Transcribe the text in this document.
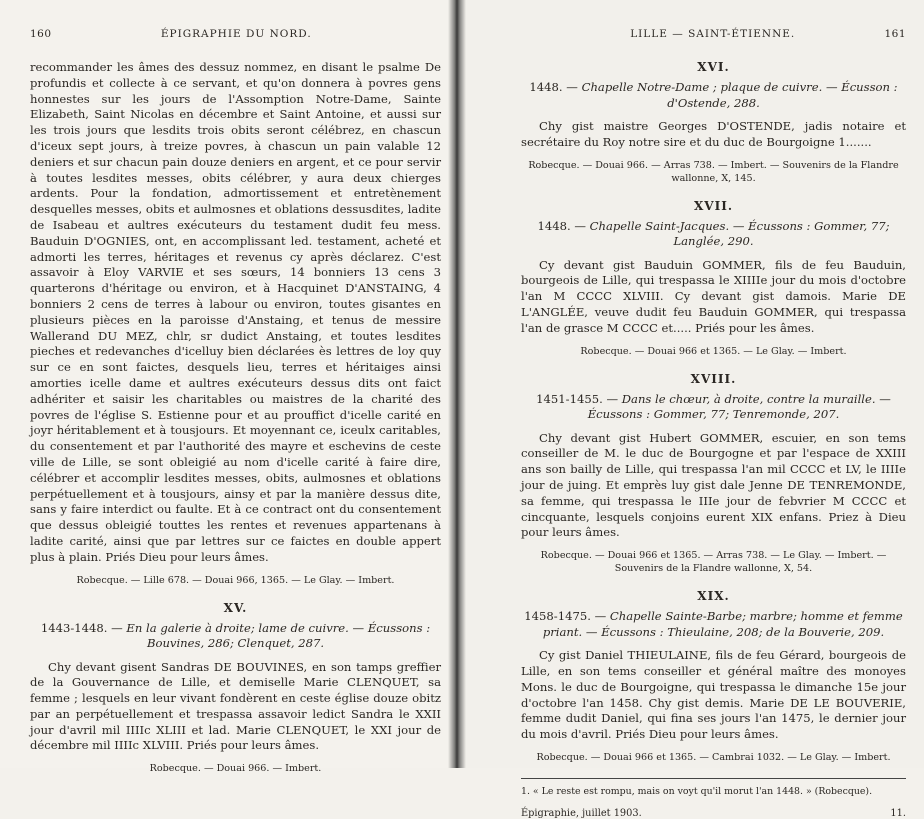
160	ÉPIGRAPHIE DU NORD.

recommander les âmes des dessuz nommez, en disant le psalme De profundis et collecte à ce servant, et qu'on donnera à povres gens honnestes sur les jours de l'Assomption Notre-Dame, Sainte Elizabeth, Saint Nicolas en décembre et Saint Antoine, et aussi sur les trois jours que lesdits trois obits seront célébrez, en chascun d'iceux sept jours, à treize povres, à chascun un pain valable 12 deniers et sur chacun pain douze deniers en argent, et ce pour servir à toutes lesdites messes, obits célébrer, y aura deux chierges ardents. Pour la fondation, admortissement et entretènement desquelles messes, obits et aulmosnes et oblations dessusdites, ladite de Isabeau et aultres exécuteurs du testament dudit feu mess. Bauduin D'OGNIES, ont, en accomplissant led. testament, acheté et admorti les terres, héritages et revenus cy après déclarez. C'est assavoir à Eloy VARVIE et ses sœurs, 14 bonniers 13 cens 3 quarterons d'héritage ou environ, et à Hacquinet D'ANSTAING, 4 bonniers 2 cens de terres à labour ou environ, toutes gisantes en plusieurs pièces en la paroisse d'Anstaing, et tenus de messire Wallerand DU MEZ, chlr, sr dudict Anstaing, et toutes lesdites pieches et redevanches d'icelluy bien déclarées ès lettres de loy quy sur ce en sont faictes, desquels lieu, terres et héritaiges ainsi amorties icelle dame et aultres exécuteurs dessus dits ont faict adhériter et saisir les charitables ou maistres de la charité des povres de l'église S. Estienne pour et au prouffict d'icelle carité en joyr héritablement et à tousjours. Et moyennant ce, iceulx caritables, du consentement et par l'authorité des mayre et eschevins de ceste ville de Lille, se sont obleigié au nom d'icelle carité à faire dire, célébrer et accomplir lesdites messes, obits, aulmosnes et oblations perpétuellement et à tousjours, ainsy et par la manière dessus dite, sans y faire interdict ou faulte. Et à ce contract ont du consentement que dessus obleigié touttes les rentes et revenues appartenans à ladite carité, ainsi que par lettres sur ce faictes en double appert plus à plain. Priés Dieu pour leurs âmes.

Robecque. — Lille 678. — Douai 966, 1365. — Le Glay. — Imbert.
XV.
1443-1448. — En la galerie à droite; lame de cuivre. — Écussons : Bouvines, 286; Clenquet, 287.

Chy devant gisent Sandras DE BOUVINES, en son tamps greffier de la Gouvernance de Lille, et demiselle Marie CLENQUET, sa femme ; lesquels en leur vivant fondèrent en ceste église douze obitz par an perpétuellement et trespassa assavoir ledict Sandra le XXII jour d'avril mil IIIIc XLIII et lad. Marie CLENQUET, le XXI jour de décembre mil IIIIc XLVIII. Priés pour leurs âmes.

Robecque. — Douai 966. — Imbert.
LILLE — SAINT-ÉTIENNE.	161
XVI.
1448. — Chapelle Notre-Dame ; plaque de cuivre. — Écusson : d'Ostende, 288.

Chy gist maistre Georges D'OSTENDE, jadis notaire et secrétaire du Roy notre sire et du duc de Bourgoigne 1.......

Robecque. — Douai 966. — Arras 738. — Imbert. — Souvenirs de la Flandre wallonne, X, 145.
XVII.
1448. — Chapelle Saint-Jacques. — Écussons : Gommer, 77; Langlée, 290.

Cy devant gist Bauduin GOMMER, fils de feu Bauduin, bourgeois de Lille, qui trespassa le XIIIIe jour du mois d'octobre l'an M CCCC XLVIII. Cy devant gist damois. Marie DE L'ANGLÉE, veuve dudit feu Bauduin GOMMER, qui trespassa l'an de grasce M CCCC et..... Priés pour les âmes.

Robecque. — Douai 966 et 1365. — Le Glay. — Imbert.
XVIII.
1451-1455. — Dans le chœur, à droite, contre la muraille. — Écussons : Gommer, 77; Tenremonde, 207.

Chy devant gist Hubert GOMMER, escuier, en son tems conseiller de M. le duc de Bourgogne et par l'espace de XXIII ans son bailly de Lille, qui trespassa l'an mil CCCC et LV, le IIIIe jour de juing. Et emprès luy gist dale Jenne DE TENREMONDE, sa femme, qui trespassa le IIIe jour de febvrier M CCCC et cincquante, lesquels conjoins eurent XIX enfans. Priez à Dieu pour leurs âmes.

Robecque. — Douai 966 et 1365. — Arras 738. — Le Glay. — Imbert. — Souvenirs de la Flandre wallonne, X, 54.
XIX.
1458-1475. — Chapelle Sainte-Barbe; marbre; homme et femme priant. — Écussons : Thieulaine, 208; de la Bouverie, 209.

Cy gist Daniel THIEULAINE, fils de feu Gérard, bourgeois de Lille, en son tems conseiller et général maître des monoyes Mons. le duc de Bourgoigne, qui trespassa le dimanche 15e jour d'octobre l'an 1458. Chy gist demis. Marie DE LE BOUVERIE, femme dudit Daniel, qui fina ses jours l'an 1475, le dernier jour du mois d'avril. Priés Dieu pour leurs âmes.

Robecque. — Douai 966 et 1365. — Cambrai 1032. — Le Glay. — Imbert.
1. « Le reste est rompu, mais on voyt qu'il morut l'an 1448. » (Robecque).
Épigraphie, juillet 1903.	11.
